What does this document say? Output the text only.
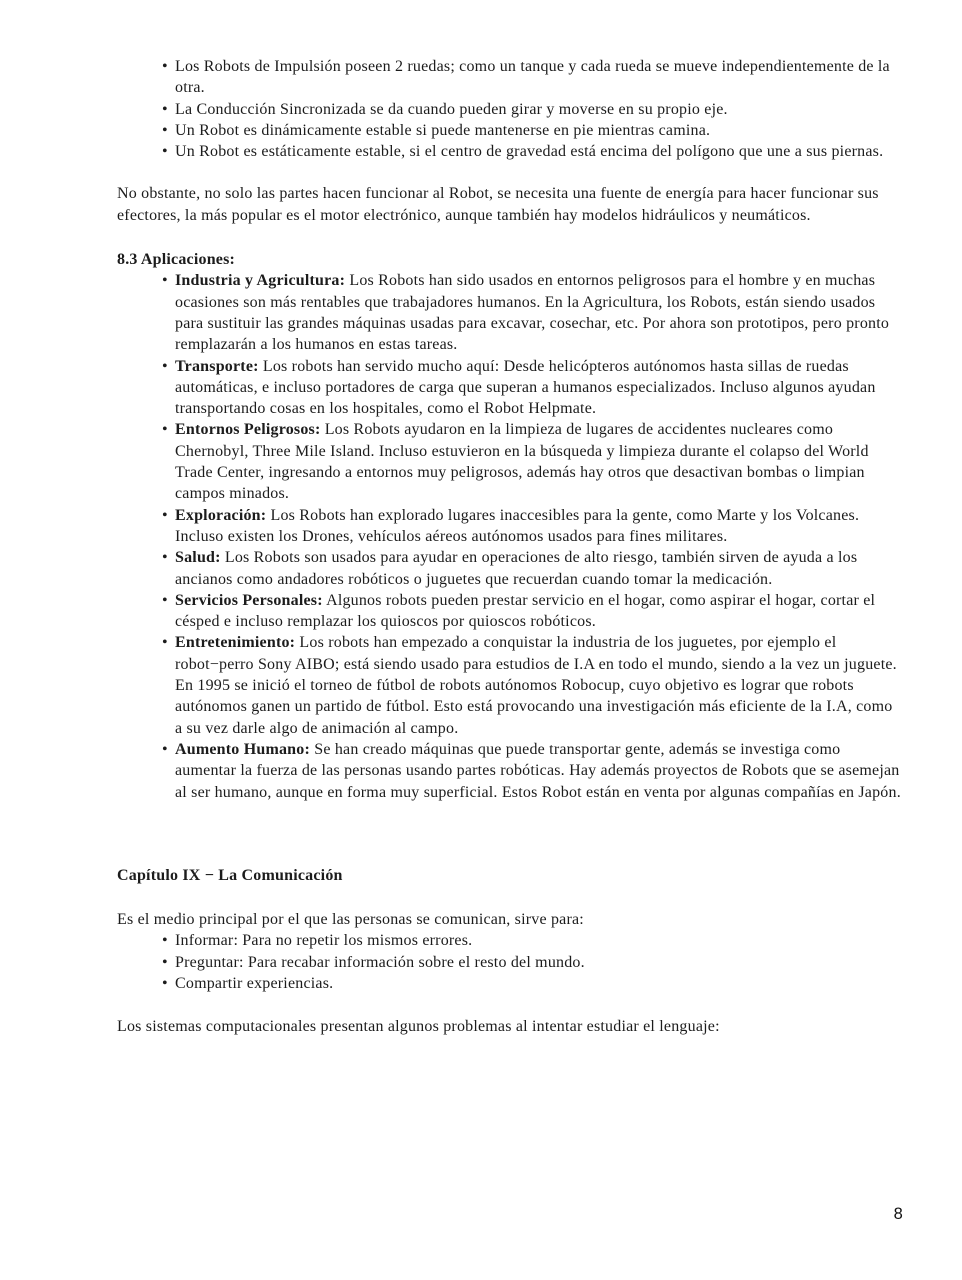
• Los Robots de Impulsión poseen 2 ruedas; como un tanque y cada rueda se mueve independientemente de la otra.
• La Conducción Sincronizada se da cuando pueden girar y moverse en su propio eje.
• Un Robot es dinámicamente estable si puede mantenerse en pie mientras camina.
• Un Robot es estáticamente estable, si el centro de gravedad está encima del polígono que une a sus piernas.

No obstante, no solo las partes hacen funcionar al Robot, se necesita una fuente de energía para hacer funcionar sus efectores, la más popular es el motor electrónico, aunque también hay modelos hidráulicos y neumáticos.

8.3 Aplicaciones:
• Industria y Agricultura: Los Robots han sido usados en entornos peligrosos para el hombre y en muchas ocasiones son más rentables que trabajadores humanos. En la Agricultura, los Robots, están siendo usados para sustituir las grandes máquinas usadas para excavar, cosechar, etc. Por ahora son prototipos, pero pronto remplazarán a los humanos en estas tareas.
• Transporte: Los robots han servido mucho aquí: Desde helicópteros autónomos hasta sillas de ruedas automáticas, e incluso portadores de carga que superan a humanos especializados. Incluso algunos ayudan transportando cosas en los hospitales, como el Robot Helpmate.
• Entornos Peligrosos: Los Robots ayudaron en la limpieza de lugares de accidentes nucleares como Chernobyl, Three Mile Island. Incluso estuvieron en la búsqueda y limpieza durante el colapso del World Trade Center, ingresando a entornos muy peligrosos, además hay otros que desactivan bombas o limpian campos minados.
• Exploración: Los Robots han explorado lugares inaccesibles para la gente, como Marte y los Volcanes. Incluso existen los Drones, vehículos aéreos autónomos usados para fines militares.
• Salud: Los Robots son usados para ayudar en operaciones de alto riesgo, también sirven de ayuda a los ancianos como andadores robóticos o juguetes que recuerdan cuando tomar la medicación.
• Servicios Personales: Algunos robots pueden prestar servicio en el hogar, como aspirar el hogar, cortar el césped e incluso remplazar los quioscos por quioscos robóticos.
• Entretenimiento: Los robots han empezado a conquistar la industria de los juguetes, por ejemplo el robot−perro Sony AIBO; está siendo usado para estudios de I.A en todo el mundo, siendo a la vez un juguete. En 1995 se inició el torneo de fútbol de robots autónomos Robocup, cuyo objetivo es lograr que robots autónomos ganen un partido de fútbol. Esto está provocando una investigación más eficiente de la I.A, como a su vez darle algo de animación al campo.
• Aumento Humano: Se han creado máquinas que puede transportar gente, además se investiga como aumentar la fuerza de las personas usando partes robóticas. Hay además proyectos de Robots que se asemejan al ser humano, aunque en forma muy superficial. Estos Robot están en venta por algunas compañías en Japón.
Capítulo IX − La Comunicación

Es el medio principal por el que las personas se comunican, sirve para:

• Informar: Para no repetir los mismos errores.
• Preguntar: Para recabar información sobre el resto del mundo.
• Compartir experiencias.

Los sistemas computacionales presentan algunos problemas al intentar estudiar el lenguaje:

8
